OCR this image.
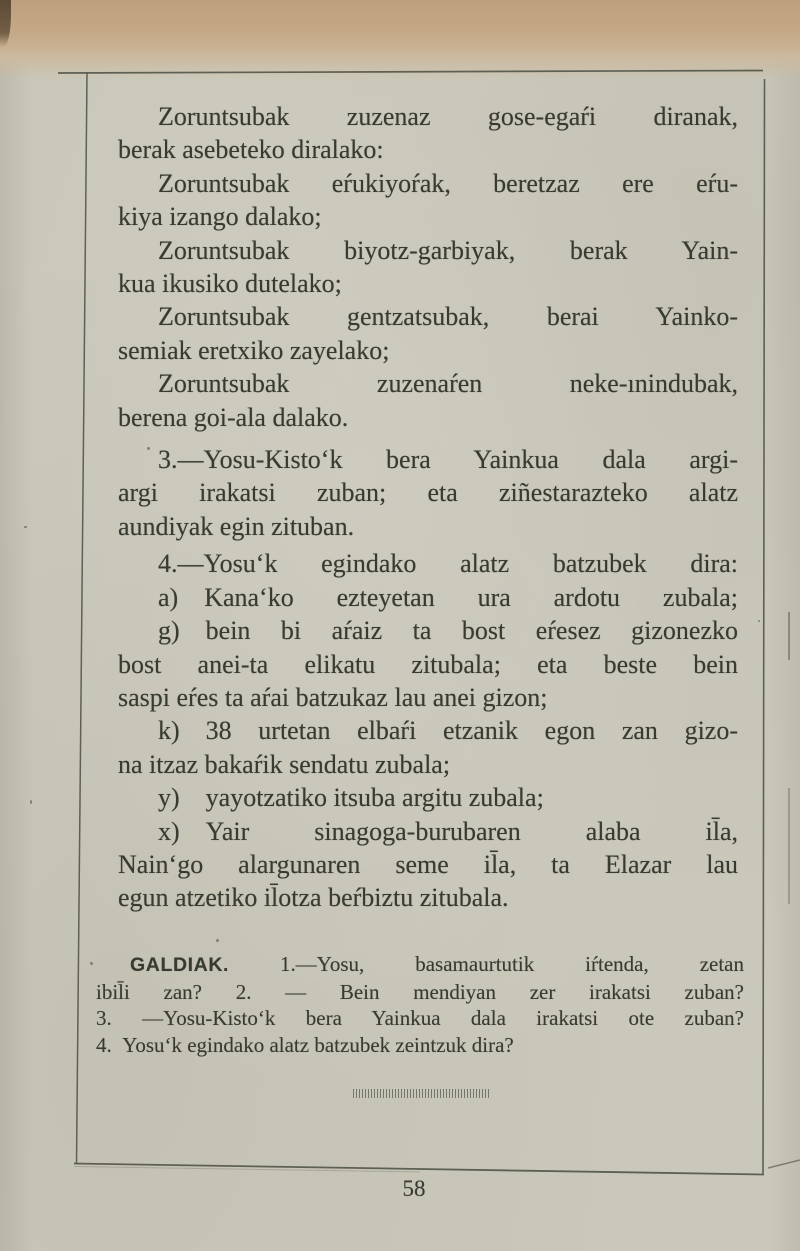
Zoruntsubak zuzenaz gose-egaŕi diranak,
berak asebeteko diralako:
Zoruntsubak eŕukiyoŕak, beretzaz ere eŕu-
kiya izango dalako;
Zoruntsubak biyotz-garbiyak, berak Yain-
kua ikusiko dutelako;
Zoruntsubak gentzatsubak, berai Yainko-
semiak eretxiko zayelako;
Zoruntsubak zuzenaŕen neke-ınindubak,
berena goi-ala dalako.
3.—Yosu-Kisto‘k bera Yainkua dala argi-
argi irakatsi zuban; eta ziñestarazteko alatz
aundiyak egin zituban.
4.—Yosu‘k egindako alatz batzubek dira:
a) Kana‘ko ezteyetan ura ardotu zubala;
g) bein bi aŕaiz ta bost eŕesez gizonezko
bost anei-ta elikatu zitubala; eta beste bein
saspi eŕes ta aŕai batzukaz lau anei gizon;
k) 38 urtetan elbaŕi etzanik egon zan gizo-
na itzaz bakaŕik sendatu zubala;
y) yayotzatiko itsuba argitu zubala;
x) Yair sinagoga-burubaren alaba il̄a,
Nain‘go alargunaren seme il̄a, ta Elazar lau
egun atzetiko il̄otza beŕbiztu zitubala.
GALDIAK. 1.—Yosu, basamaurtutik iŕtenda, zetan
ibil̄i zan? 2. — Bein mendiyan zer irakatsi zuban?
3. —Yosu-Kisto‘k bera Yainkua dala irakatsi ote zuban?
4. Yosu‘k egindako alatz batzubek zeintzuk dira?
58
